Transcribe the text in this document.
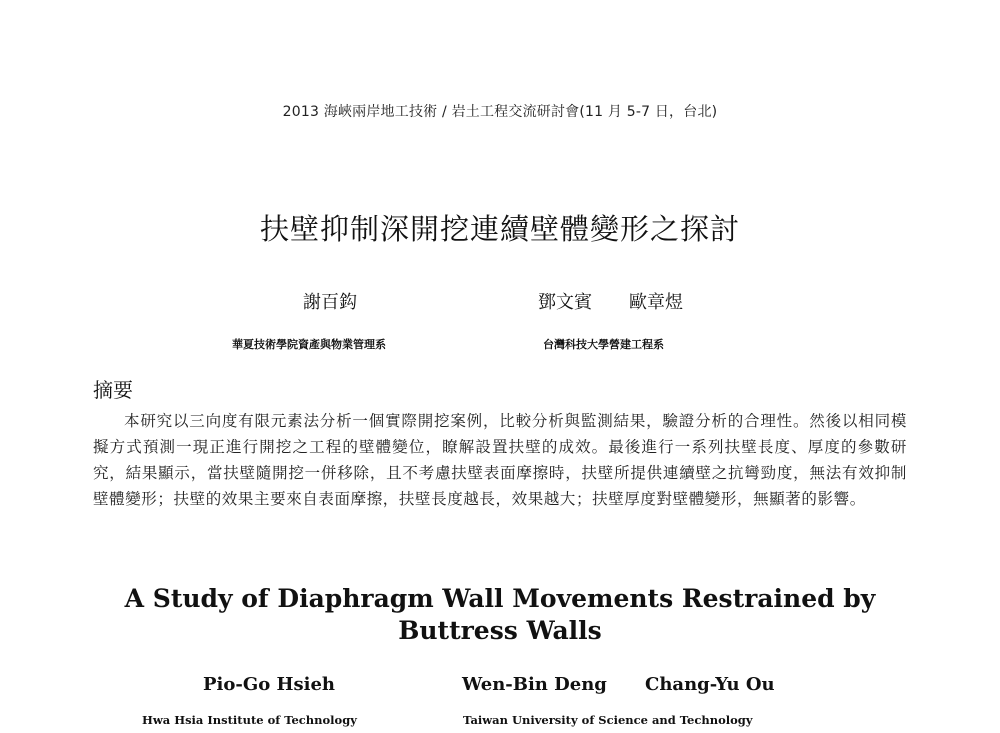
2013 海峽兩岸地工技術 / 岩土工程交流研討會(11 月 5-7 日，台北)
扶壁抑制深開挖連續壁體變形之探討
謝百鈎	鄧文賓 歐章煜
華夏技術學院資產與物業管理系	台灣科技大學營建工程系
摘要

本研究以三向度有限元素法分析一個實際開挖案例，比較分析與監測結果，驗證分析的合理性。然後以相同模擬方式預測一現正進行開挖之工程的壁體變位，瞭解設置扶壁的成效。最後進行一系列扶壁長度、厚度的參數研究，結果顯示，當扶壁隨開挖一併移除，且不考慮扶壁表面摩擦時，扶壁所提供連續壁之抗彎勁度，無法有效抑制壁體變形；扶壁的效果主要來自表面摩擦，扶壁長度越長，效果越大；扶壁厚度對壁體變形，無顯著的影響。

A Study of Diaphragm Wall Movements Restrained by Buttress Walls
Pio-Go Hsieh	Wen-Bin Deng Chang-Yu Ou
Hwa Hsia Institute of Technology	Taiwan University of Science and Technology
